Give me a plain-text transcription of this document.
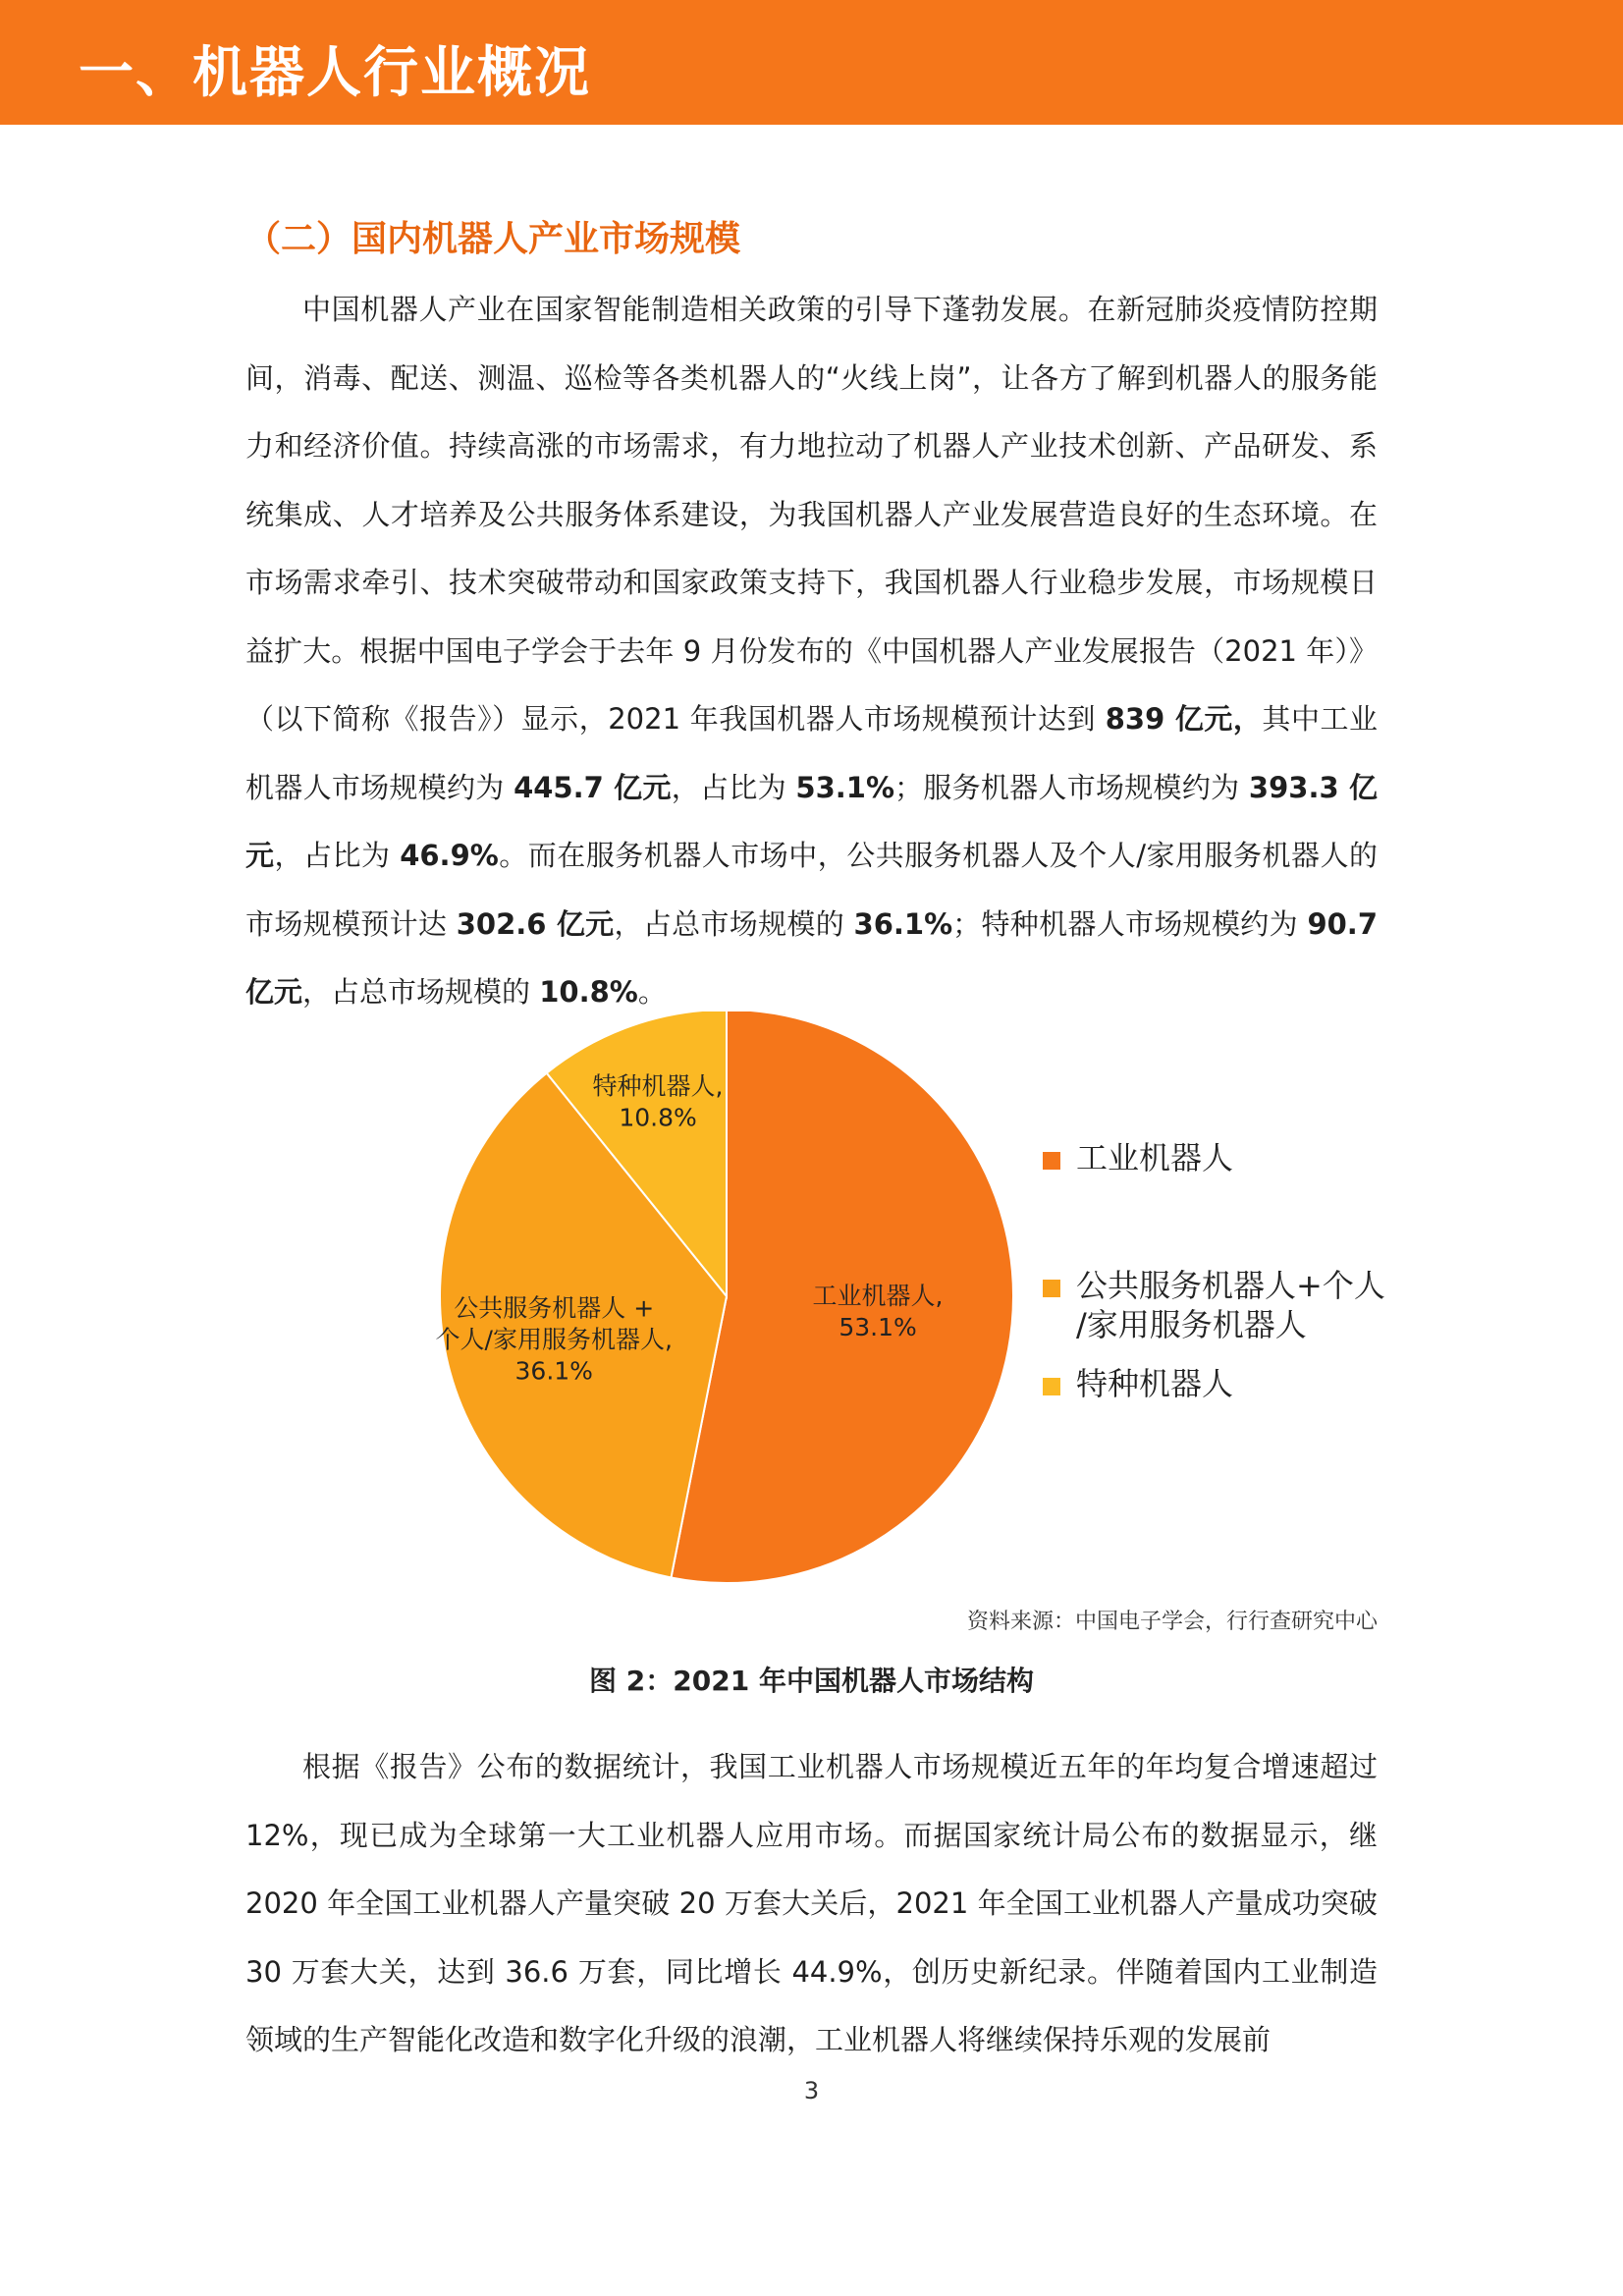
一、机器人行业概况
（二）国内机器人产业市场规模

中国机器人产业在国家智能制造相关政策的引导下蓬勃发展。在新冠肺炎疫情防控期间，消毒、配送、测温、巡检等各类机器人的“火线上岗”，让各方了解到机器人的服务能力和经济价值。持续高涨的市场需求，有力地拉动了机器人产业技术创新、产品研发、系统集成、人才培养及公共服务体系建设，为我国机器人产业发展营造良好的生态环境。在市场需求牵引、技术突破带动和国家政策支持下，我国机器人行业稳步发展，市场规模日益扩大。根据中国电子学会于去年 9 月份发布的《中国机器人产业发展报告（2021 年）》（以下简称《报告》）显示，2021 年我国机器人市场规模预计达到 839 亿元，其中工业机器人市场规模约为 445.7 亿元，占比为 53.1%；服务机器人市场规模约为 393.3 亿元，占比为 46.9%。而在服务机器人市场中，公共服务机器人及个人/家用服务机器人的市场规模预计达 302.6 亿元，占总市场规模的 36.1%；特种机器人市场规模约为 90.7 亿元，占总市场规模的 10.8%。

工业机器人,
53.1%
公共服务机器人 +
个人/家用服务机器人,
36.1%
特种机器人,
10.8%
工业机器人
公共服务机器人+个人
/家用服务机器人
特种机器人
资料来源：中国电子学会，行行查研究中心
图 2：2021 年中国机器人市场结构

根据《报告》公布的数据统计，我国工业机器人市场规模近五年的年均复合增速超过 12%，现已成为全球第一大工业机器人应用市场。而据国家统计局公布的数据显示，继 2020 年全国工业机器人产量突破 20 万套大关后，2021 年全国工业机器人产量成功突破 30 万套大关，达到 36.6 万套，同比增长 44.9%，创历史新纪录。伴随着国内工业制造领域的生产智能化改造和数字化升级的浪潮，工业机器人将继续保持乐观的发展前

3
